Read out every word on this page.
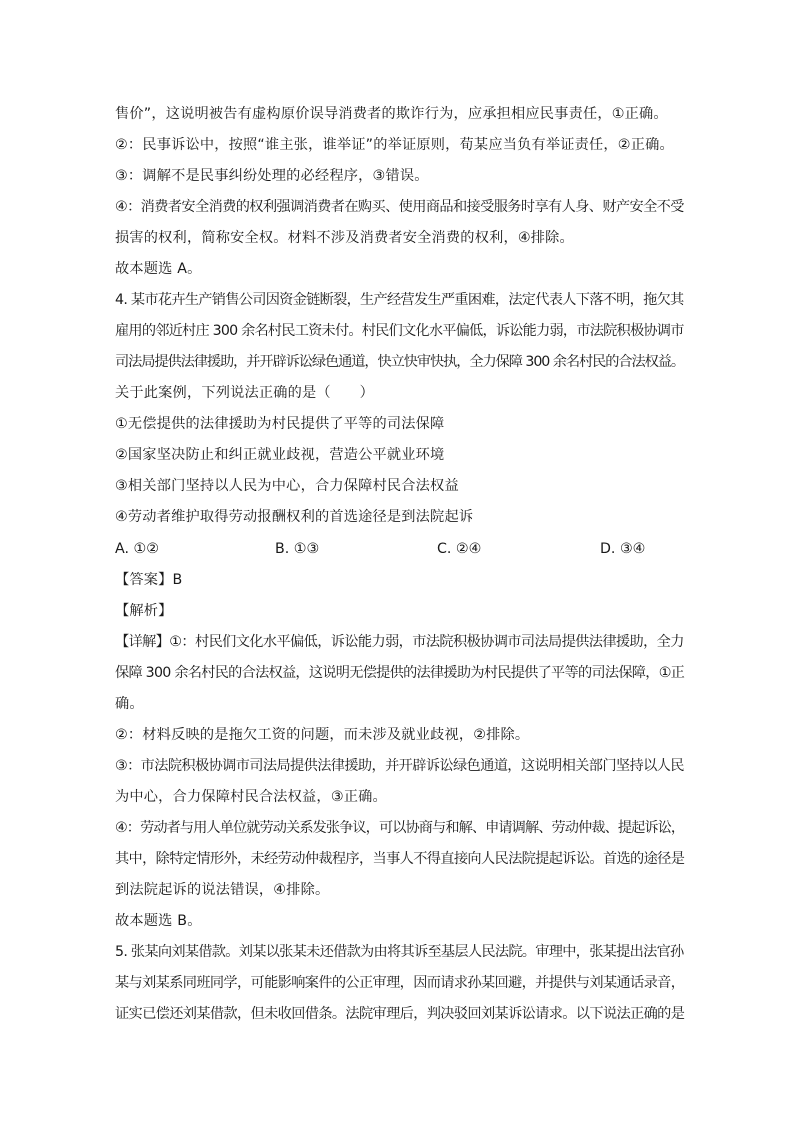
售价”，这说明被告有虚构原价误导消费者的欺诈行为，应承担相应民事责任，①正确。
②：民事诉讼中，按照“谁主张，谁举证”的举证原则，荀某应当负有举证责任，②正确。
③：调解不是民事纠纷处理的必经程序，③错误。
④：消费者安全消费的权利强调消费者在购买、使用商品和接受服务时享有人身、财产安全不受
损害的权利，简称安全权。材料不涉及消费者安全消费的权利，④排除。
故本题选 A。
4. 某市花卉生产销售公司因资金链断裂，生产经营发生严重困难，法定代表人下落不明，拖欠其
雇用的邻近村庄 300 余名村民工资未付。村民们文化水平偏低，诉讼能力弱，市法院积极协调市
司法局提供法律援助，并开辟诉讼绿色通道，快立快审快执，全力保障 300 余名村民的合法权益。
关于此案例，下列说法正确的是（　　）
①无偿提供的法律援助为村民提供了平等的司法保障
②国家坚决防止和纠正就业歧视，营造公平就业环境
③相关部门坚持以人民为中心，合力保障村民合法权益
④劳动者维护取得劳动报酬权利的首选途径是到法院起诉
A. ①②	B. ①③	C. ②④	D. ③④
【答案】B
【解析】
【详解】①：村民们文化水平偏低，诉讼能力弱，市法院积极协调市司法局提供法律援助，全力
保障 300 余名村民的合法权益，这说明无偿提供的法律援助为村民提供了平等的司法保障，①正
确。
②：材料反映的是拖欠工资的问题，而未涉及就业歧视，②排除。
③：市法院积极协调市司法局提供法律援助，并开辟诉讼绿色通道，这说明相关部门坚持以人民
为中心，合力保障村民合法权益，③正确。
④：劳动者与用人单位就劳动关系发张争议，可以协商与和解、申请调解、劳动仲裁、提起诉讼，
其中，除特定情形外，未经劳动仲裁程序，当事人不得直接向人民法院提起诉讼。首选的途径是
到法院起诉的说法错误，④排除。
故本题选 B。
5. 张某向刘某借款。刘某以张某未还借款为由将其诉至基层人民法院。审理中，张某提出法官孙
某与刘某系同班同学，可能影响案件的公正审理，因而请求孙某回避，并提供与刘某通话录音，
证实已偿还刘某借款，但未收回借条。法院审理后，判决驳回刘某诉讼请求。以下说法正确的是
